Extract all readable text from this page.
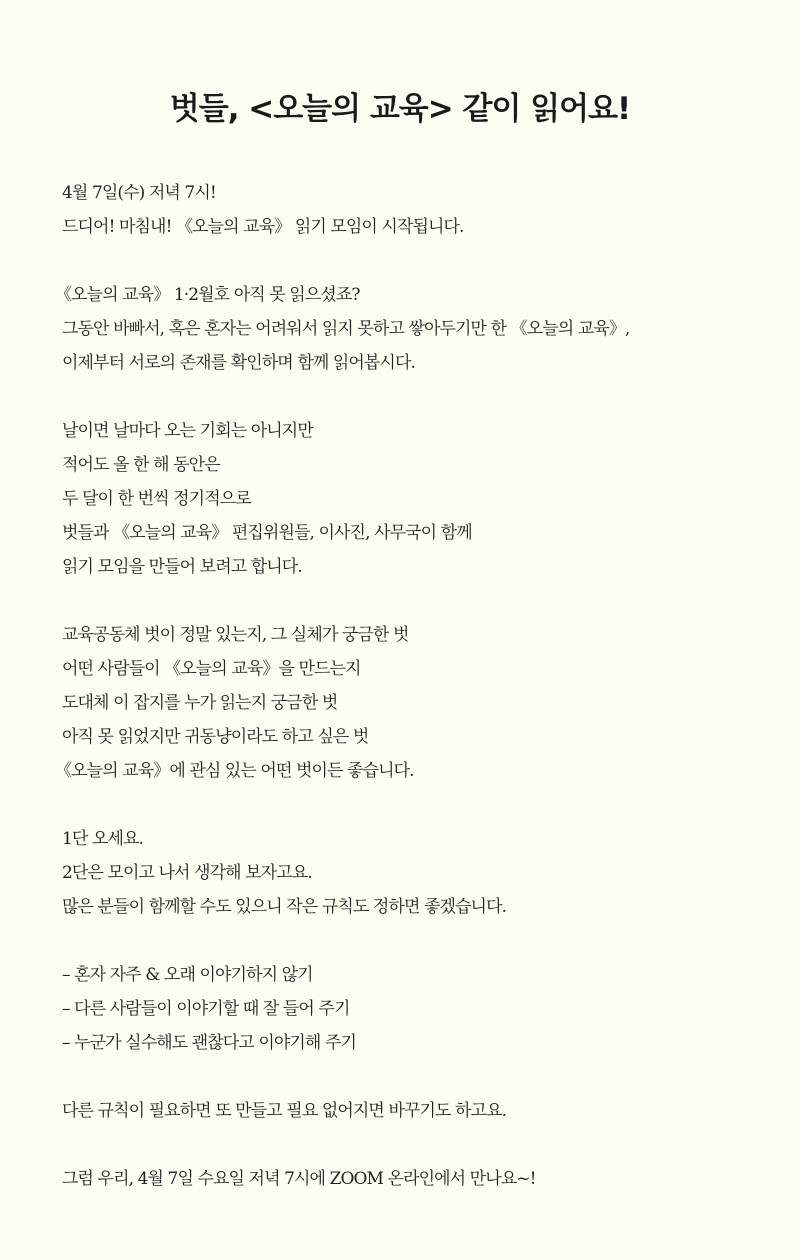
벗들, <오늘의 교육> 같이 읽어요!
4월 7일(수) 저녁 7시!
드디어! 마침내! 《오늘의 교육》 읽기 모임이 시작됩니다.
《오늘의 교육》 1·2월호 아직 못 읽으셨죠?
그동안 바빠서, 혹은 혼자는 어려워서 읽지 못하고 쌓아두기만 한 《오늘의 교육》,
이제부터 서로의 존재를 확인하며 함께 읽어봅시다.
날이면 날마다 오는 기회는 아니지만
적어도 올 한 해 동안은
두 달이 한 번씩 정기적으로
벗들과 《오늘의 교육》 편집위원들, 이사진, 사무국이 함께
읽기 모임을 만들어 보려고 합니다.
교육공동체 벗이 정말 있는지, 그 실체가 궁금한 벗
어떤 사람들이 《오늘의 교육》을 만드는지
도대체 이 잡지를 누가 읽는지 궁금한 벗
아직 못 읽었지만 귀동냥이라도 하고 싶은 벗
《오늘의 교육》에 관심 있는 어떤 벗이든 좋습니다.
1단 오세요.
2단은 모이고 나서 생각해 보자고요.
많은 분들이 함께할 수도 있으니 작은 규칙도 정하면 좋겠습니다.
– 혼자 자주 & 오래 이야기하지 않기
– 다른 사람들이 이야기할 때 잘 들어 주기
– 누군가 실수해도 괜찮다고 이야기해 주기
다른 규칙이 필요하면 또 만들고 필요 없어지면 바꾸기도 하고요.
그럼 우리, 4월 7일 수요일 저녁 7시에 ZOOM 온라인에서 만나요~!
